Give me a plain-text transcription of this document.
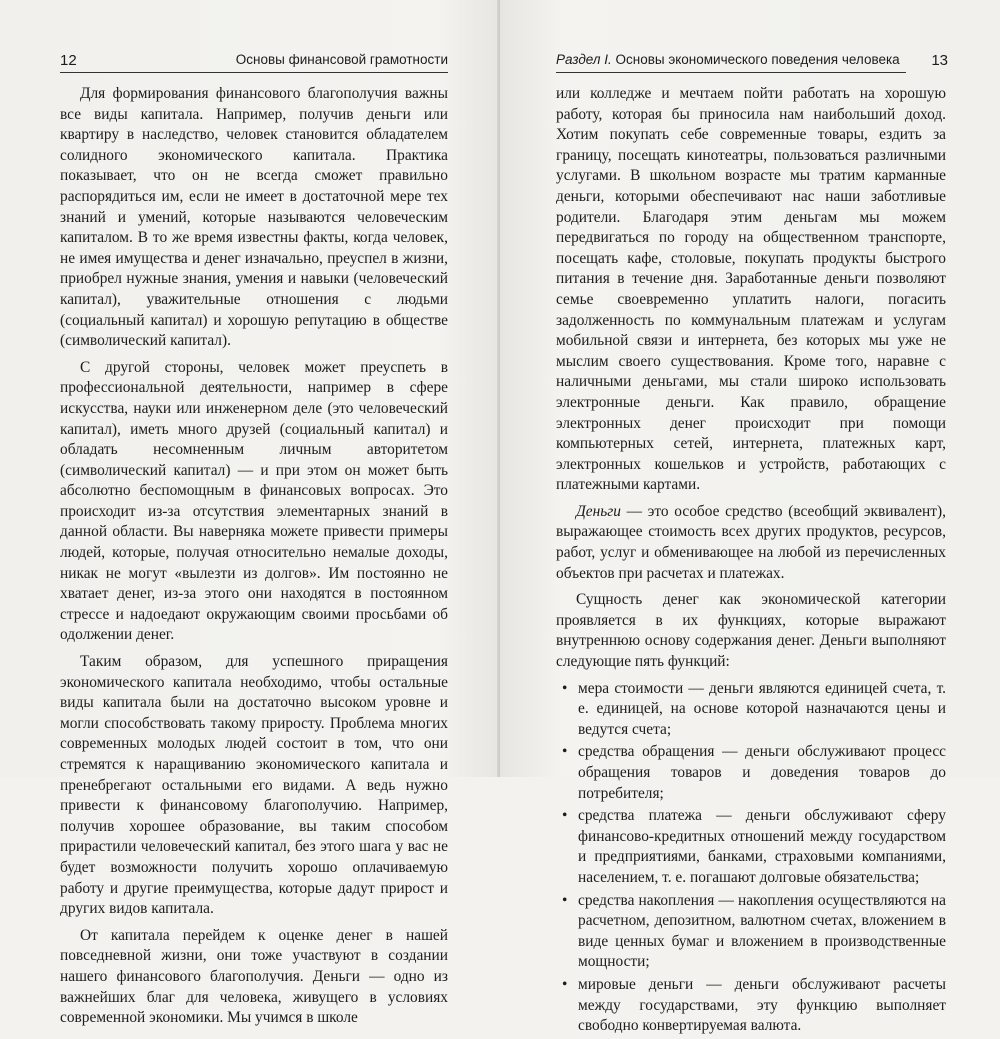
12	Основы финансовой грамотности

Для формирования финансового благополучия важны все виды капитала. Например, получив деньги или квартиру в наследство, человек становится обладателем солидного экономического капитала. Практика показывает, что он не всегда сможет правильно распорядиться им, если не имеет в достаточной мере тех знаний и умений, которые называются человеческим капиталом. В то же время известны факты, когда человек, не имея имущества и денег изначально, преуспел в жизни, приобрел нужные знания, умения и навыки (человеческий капитал), уважительные отношения с людьми (социальный капитал) и хорошую репутацию в обществе (символический капитал).

С другой стороны, человек может преуспеть в профессиональной деятельности, например в сфере искусства, науки или инженерном деле (это человеческий капитал), иметь много друзей (социальный капитал) и обладать несомненным личным авторитетом (символический капитал) — и при этом он может быть абсолютно беспомощным в финансовых вопросах. Это происходит из-за отсутствия элементарных знаний в данной области. Вы наверняка можете привести примеры людей, которые, получая относительно немалые доходы, никак не могут «вылезти из долгов». Им постоянно не хватает денег, из-за этого они находятся в постоянном стрессе и надоедают окружающим своими просьбами об одолжении денег.

Таким образом, для успешного приращения экономического капитала необходимо, чтобы остальные виды капитала были на достаточно высоком уровне и могли способствовать такому приросту. Проблема многих современных молодых людей состоит в том, что они стремятся к наращиванию экономического капитала и пренебрегают остальными его видами. А ведь нужно привести к финансовому благополучию. Например, получив хорошее образование, вы таким способом прирастили человеческий капитал, без этого шага у вас не будет возможности получить хорошо оплачиваемую работу и другие преимущества, которые дадут прирост и других видов капитала.

От капитала перейдем к оценке денег в нашей повседневной жизни, они тоже участвуют в создании нашего финансового благополучия. Деньги — одно из важнейших благ для человека, живущего в условиях современной экономики. Мы учимся в школе

Раздел I. Основы экономического поведения человека 13

или колледже и мечтаем пойти работать на хорошую работу, которая бы приносила нам наибольший доход. Хотим покупать себе современные товары, ездить за границу, посещать кинотеатры, пользоваться различными услугами. В школьном возрасте мы тратим карманные деньги, которыми обеспечивают нас наши заботливые родители. Благодаря этим деньгам мы можем передвигаться по городу на общественном транспорте, посещать кафе, столовые, покупать продукты быстрого питания в течение дня. Заработанные деньги позволяют семье своевременно уплатить налоги, погасить задолженность по коммунальным платежам и услугам мобильной связи и интернета, без которых мы уже не мыслим своего существования. Кроме того, наравне с наличными деньгами, мы стали широко использовать электронные деньги. Как правило, обращение электронных денег происходит при помощи компьютерных сетей, интернета, платежных карт, электронных кошельков и устройств, работающих с платежными картами.

Деньги — это особое средство (всеобщий эквивалент), выражающее стоимость всех других продуктов, ресурсов, работ, услуг и обменивающее на любой из перечисленных объектов при расчетах и платежах.

Сущность денег как экономической категории проявляется в их функциях, которые выражают внутреннюю основу содержания денег. Деньги выполняют следующие пять функций:

• мера стоимости — деньги являются единицей счета, т. е. единицей, на основе которой назначаются цены и ведутся счета;
• средства обращения — деньги обслуживают процесс обращения товаров и доведения товаров до потребителя;
• средства платежа — деньги обслуживают сферу финансово-кредитных отношений между государством и предприятиями, банками, страховыми компаниями, населением, т. е. погашают долговые обязательства;
• средства накопления — накопления осуществляются на расчетном, депозитном, валютном счетах, вложением в виде ценных бумаг и вложением в производственные мощности;
• мировые деньги — деньги обслуживают расчеты между государствами, эту функцию выполняет свободно конвертируемая валюта.
